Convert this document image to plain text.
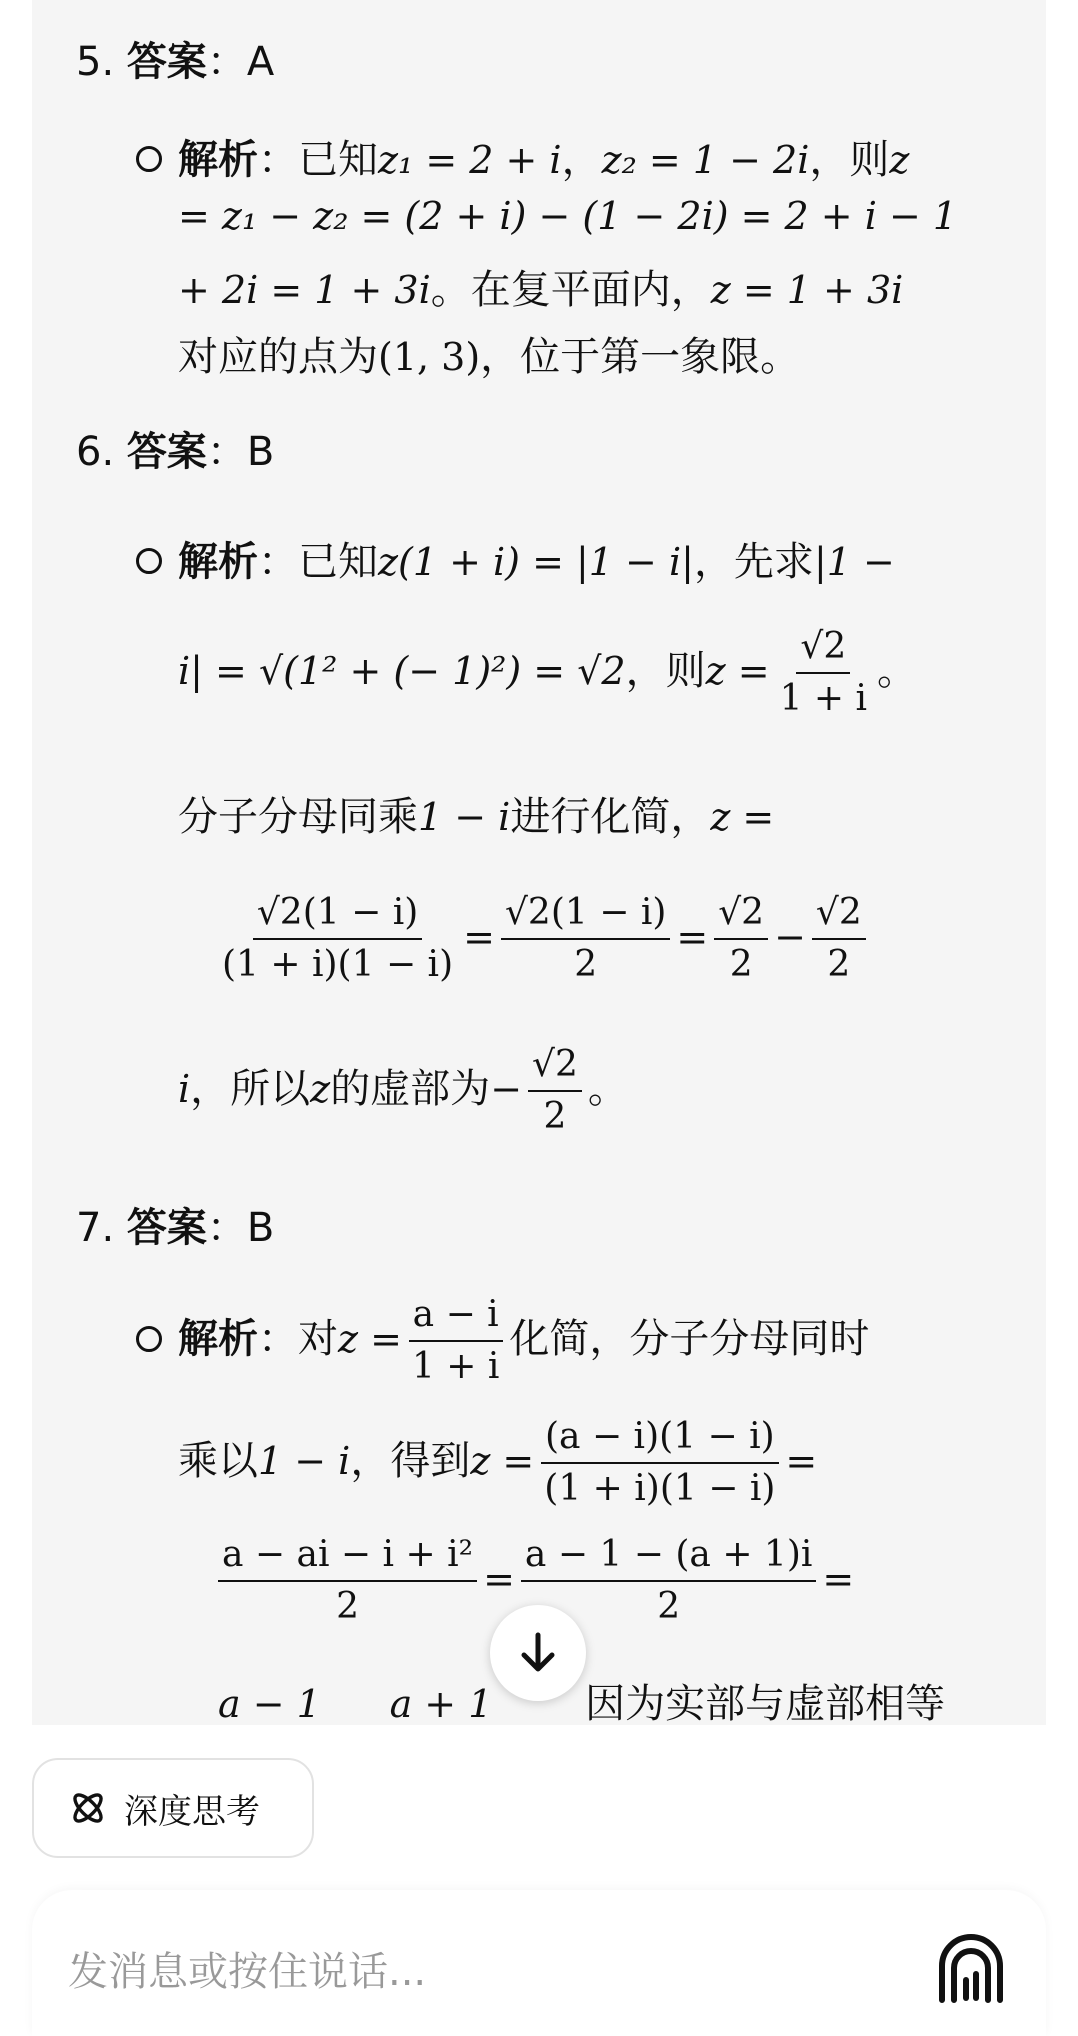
5. 答案：A
解析：已知z₁ = 2 + i，z₂ = 1 − 2i，则z
= z₁ − z₂ = (2 + i) − (1 − 2i) = 2 + i − 1
+ 2i = 1 + 3i。在复平面内，z = 1 + 3i
对应的点为(1, 3)，位于第一象限。
6. 答案：B
解析：已知z(1 + i) = |1 − i|，先求|1 −
i| = √(1² + (− 1)²) = √2，则$z = \frac{√2}{1 + i}$ 。
分子分母同乘1 − i进行化简，z =
$\frac{√2(1 - i)}{(1 + i)(1 - i)} = \frac{√2(1 - i)}{2} = \frac{√2}{2} - \frac{√2}{2}$
i，所以z的虚部为− $\frac{√2}{2}$ 。
7. 答案：B
解析：对$z = \frac{a - i}{1 + i}$ 化简，分子分母同时
乘以1 − i，得到$z = \frac{(a - i)(1 - i)}{(1 + i)(1 - i)}$ =
$\frac{\text{a − ai − i + i²}}{2} = \frac{a - 1 - (a + 1)i}{2}$ =
a − 1 a + 1 因为实部与虚部相等
深度思考
发消息或按住说话...
